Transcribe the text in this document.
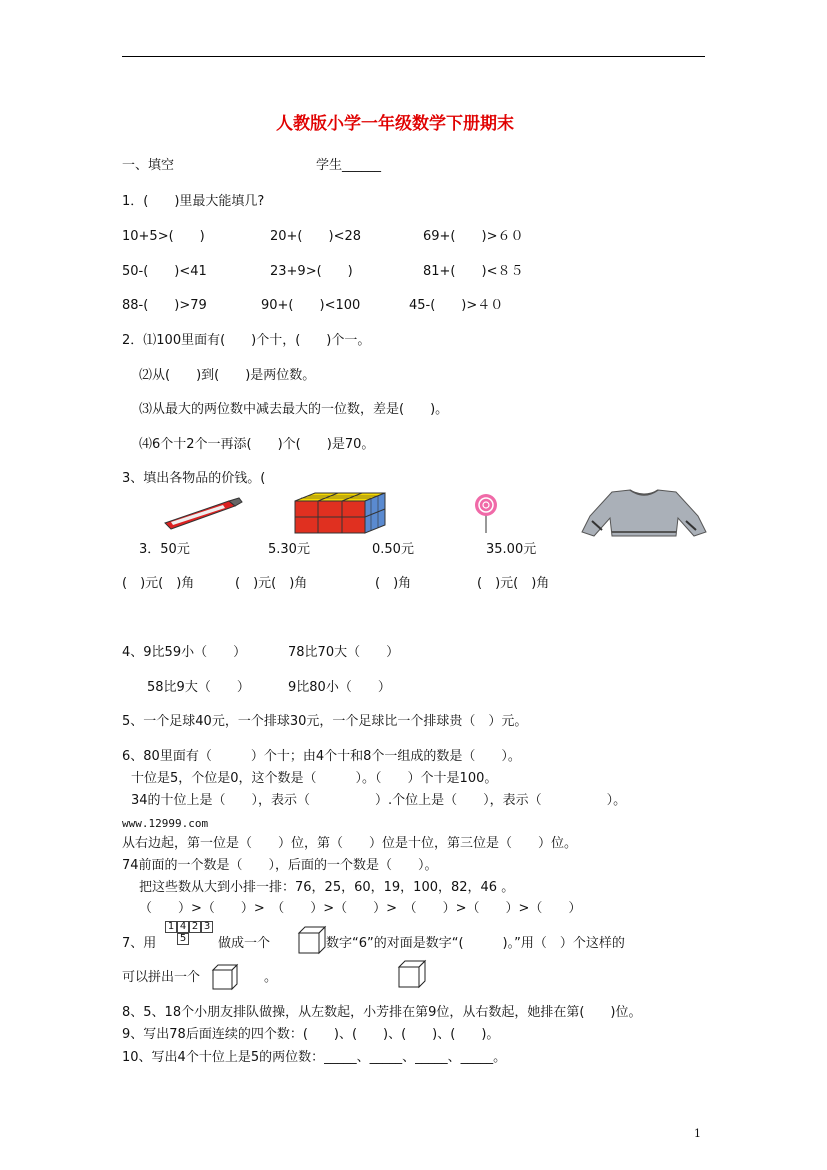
人教版小学一年级数学下册期末
一、填空	学生______
1．(　　)里最大能填几?
10+5>(　　)	20+(　　)<28	69+(　　)>６０
50-(　　)<41	23+9>(　　)	81+(　　)<８５
88-(　　)>79	90+(　　)<100	45-(　　)>４０
2．⑴100里面有(　　)个十，(　　)个一。
⑵从(　　)到(　　)是两位数。
⑶从最大的两位数中减去最大的一位数，差是(　　)。
⑷6个十2个一再添(　　)个(　　)是70。
3、填出各物品的价钱。(
3．50元	5.30元	0.50元	35.00元
(　)元(　)角	(　)元(　)角	(　)角	(　)元(　)角
4、9比59小（　　）	78比70大（　　）
58比9大（　　）	9比80小（　　）
5、一个足球40元，一个排球30元，一个足球比一个排球贵（　）元。
6、80里面有（　　　）个十；由4个十和8个一组成的数是（　　）。
十位是5，个位是0，这个数是（　　　）。（　　）个十是100。
34的十位上是（　　），表示（　　　　　）.个位上是（　　），表示（　　　　　）。
www.12999.com
从右边起，第一位是（　　）位，第（　　）位是十位，第三位是（　　）位。
74前面的一个数是（　　），后面的一个数是（　　）。
把这些数从大到小排一排：76，25，60，19，100，82，46 。
（　　）>（　　）>　（　　）>（　　）>　（　　）>（　　）>（　　）
7、用
1 4 2 3
5 做成一个	数字“6”的对面是数字“(　　　)。”用（　）个这样的
可以拼出一个	。
8、5、18个小朋友排队做操，从左数起，小芳排在第9位，从右数起，她排在第(　　)位。
9、写出78后面连续的四个数：(　　)、(　　)、(　　)、(　　)。
10、写出4个十位上是5的两位数：_____、_____、_____、_____。
1
